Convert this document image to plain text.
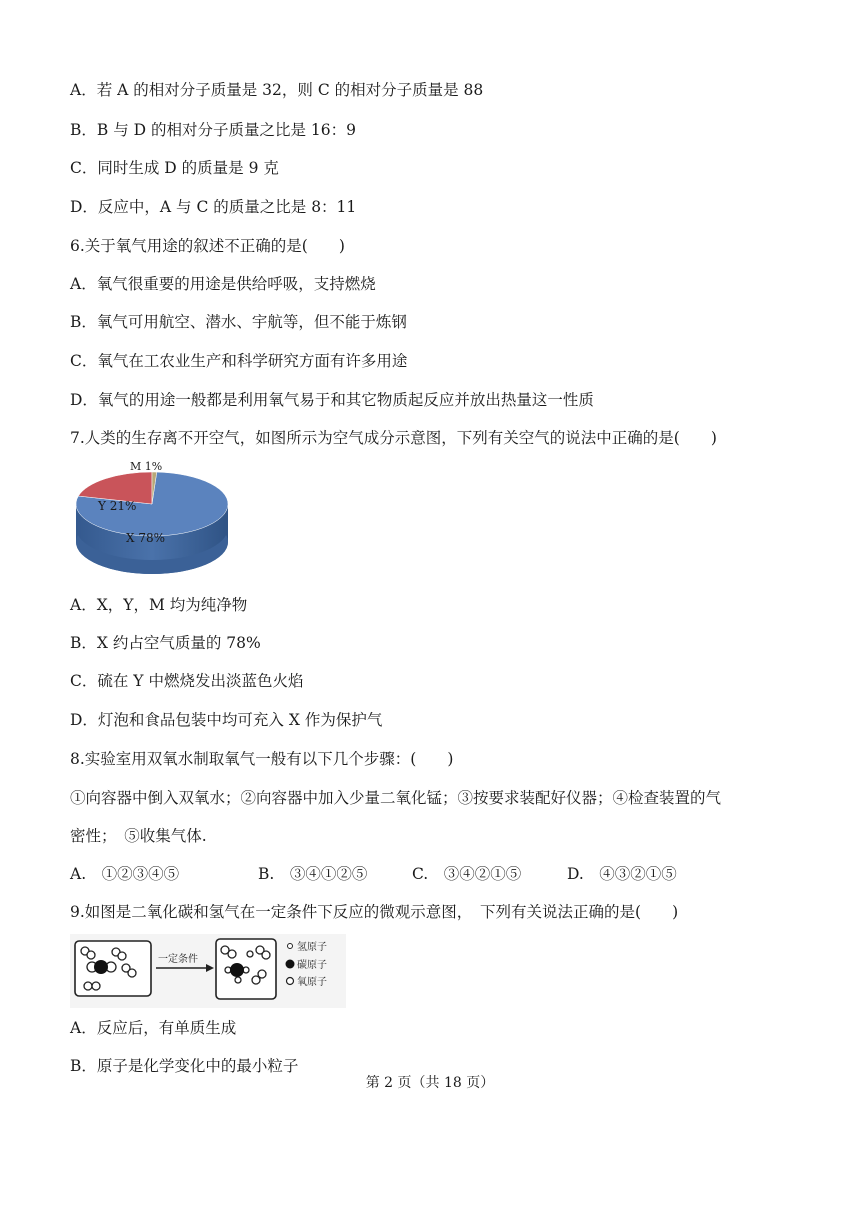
A．若 A 的相对分子质量是 32，则 C 的相对分子质量是 88
B．B 与 D 的相对分子质量之比是 16：9
C．同时生成 D 的质量是 9 克
D．反应中，A 与 C 的质量之比是 8：11
6.关于氧气用途的叙述不正确的是(　　)
A．氧气很重要的用途是供给呼吸，支持燃烧
B．氧气可用航空、潜水、宇航等，但不能于炼钢
C．氧气在工农业生产和科学研究方面有许多用途
D．氧气的用途一般都是利用氧气易于和其它物质起反应并放出热量这一性质
7.人类的生存离不开空气，如图所示为空气成分示意图，下列有关空气的说法中正确的是(　　)
M 1%
Y 21%
X 78%
A．X，Y，M 均为纯净物
B．X 约占空气质量的 78%
C．硫在 Y 中燃烧发出淡蓝色火焰
D．灯泡和食品包装中均可充入 X 作为保护气
8.实验室用双氧水制取氧气一般有以下几个步骤：(　　)
①向容器中倒入双氧水；②向容器中加入少量二氧化锰；③按要求装配好仪器；④检查装置的气
密性；　⑤收集气体.
A.　①②③④⑤	B.　③④①②⑤	C.　③④②①⑤	D.　④③②①⑤
9.如图是二氧化碳和氢气在一定条件下反应的微观示意图，　下列有关说法正确的是(　　)
一定条件
氢原子
碳原子
氧原子
A．反应后，有单质生成
B．原子是化学变化中的最小粒子
第 2 页（共 18 页）
